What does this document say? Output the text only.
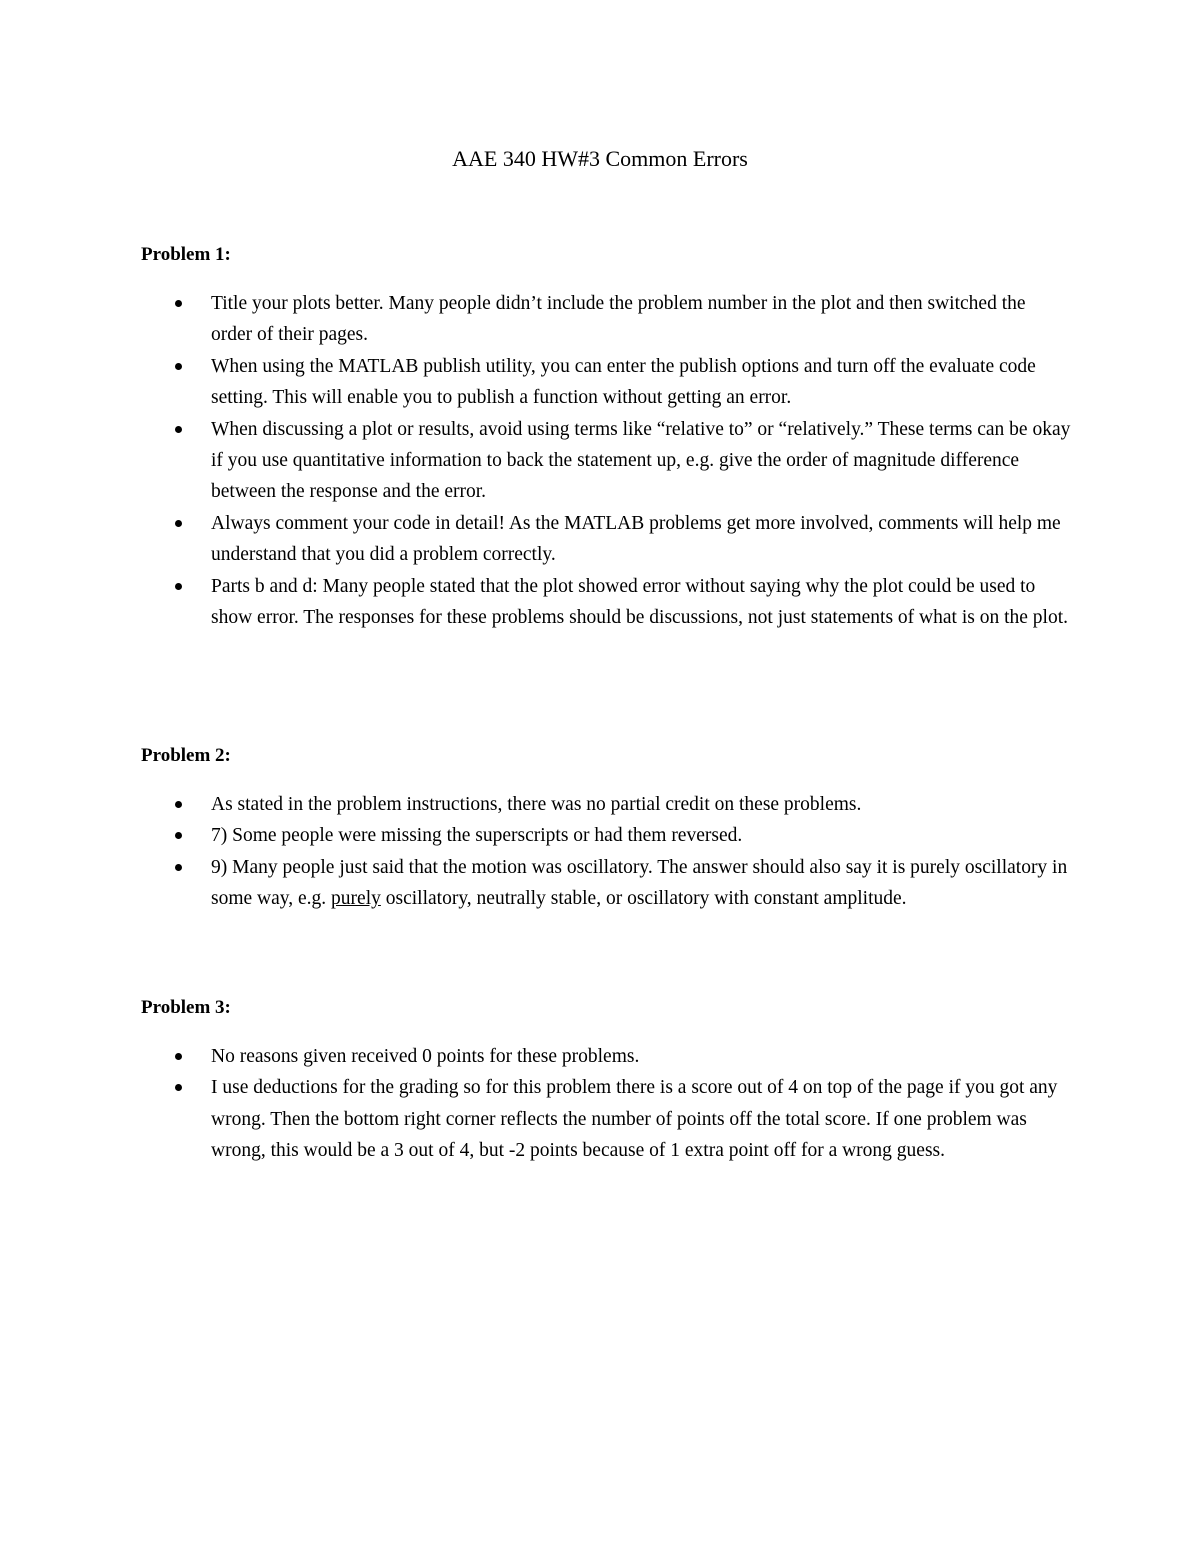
AAE 340 HW#3 Common Errors
Problem 1:
Title your plots better. Many people didn’t include the problem number in the plot and then switched the order of their pages.
When using the MATLAB publish utility, you can enter the publish options and turn off the evaluate code setting. This will enable you to publish a function without getting an error.
When discussing a plot or results, avoid using terms like “relative to” or “relatively.” These terms can be okay if you use quantitative information to back the statement up, e.g. give the order of magnitude difference between the response and the error.
Always comment your code in detail! As the MATLAB problems get more involved, comments will help me understand that you did a problem correctly.
Parts b and d: Many people stated that the plot showed error without saying why the plot could be used to show error. The responses for these problems should be discussions, not just statements of what is on the plot.
Problem 2:
As stated in the problem instructions, there was no partial credit on these problems.
7) Some people were missing the superscripts or had them reversed.
9) Many people just said that the motion was oscillatory. The answer should also say it is purely oscillatory in some way, e.g. purely oscillatory, neutrally stable, or oscillatory with constant amplitude.
Problem 3:
No reasons given received 0 points for these problems.
I use deductions for the grading so for this problem there is a score out of 4 on top of the page if you got any wrong. Then the bottom right corner reflects the number of points off the total score. If one problem was wrong, this would be a 3 out of 4, but -2 points because of 1 extra point off for a wrong guess.
